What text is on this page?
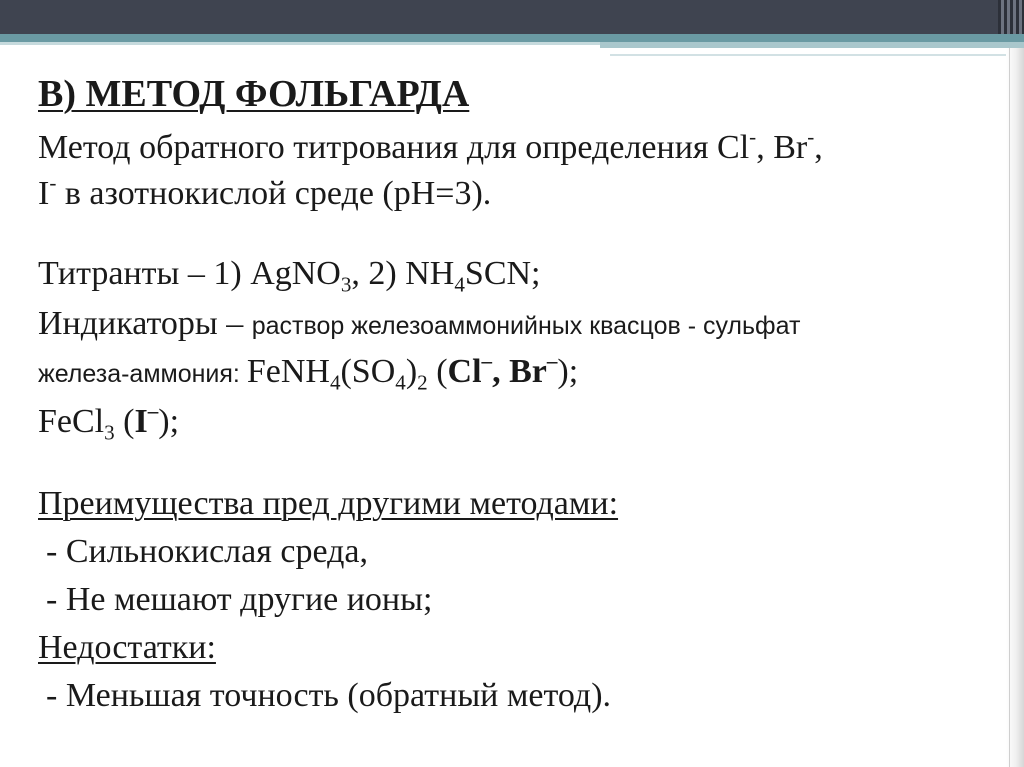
В) МЕТОД ФОЛЬГАРДА
Метод обратного титрования для определения Cl-, Br-,
I- в азотнокислой среде (pH=3).
Титранты – 1) AgNO$_3$, 2) $NH_4SCN$;
Индикаторы – раствор железоаммонийных квасцов - сульфат
железа-аммония: $FeNH_4(SO_4)_2$ (Cl–, Br–);
FeCl$_3$ (I–);
Преимущества пред другими методами:
- Сильнокислая среда,
- Не мешают другие ионы;
Недостатки:
- Меньшая точность (обратный метод).
